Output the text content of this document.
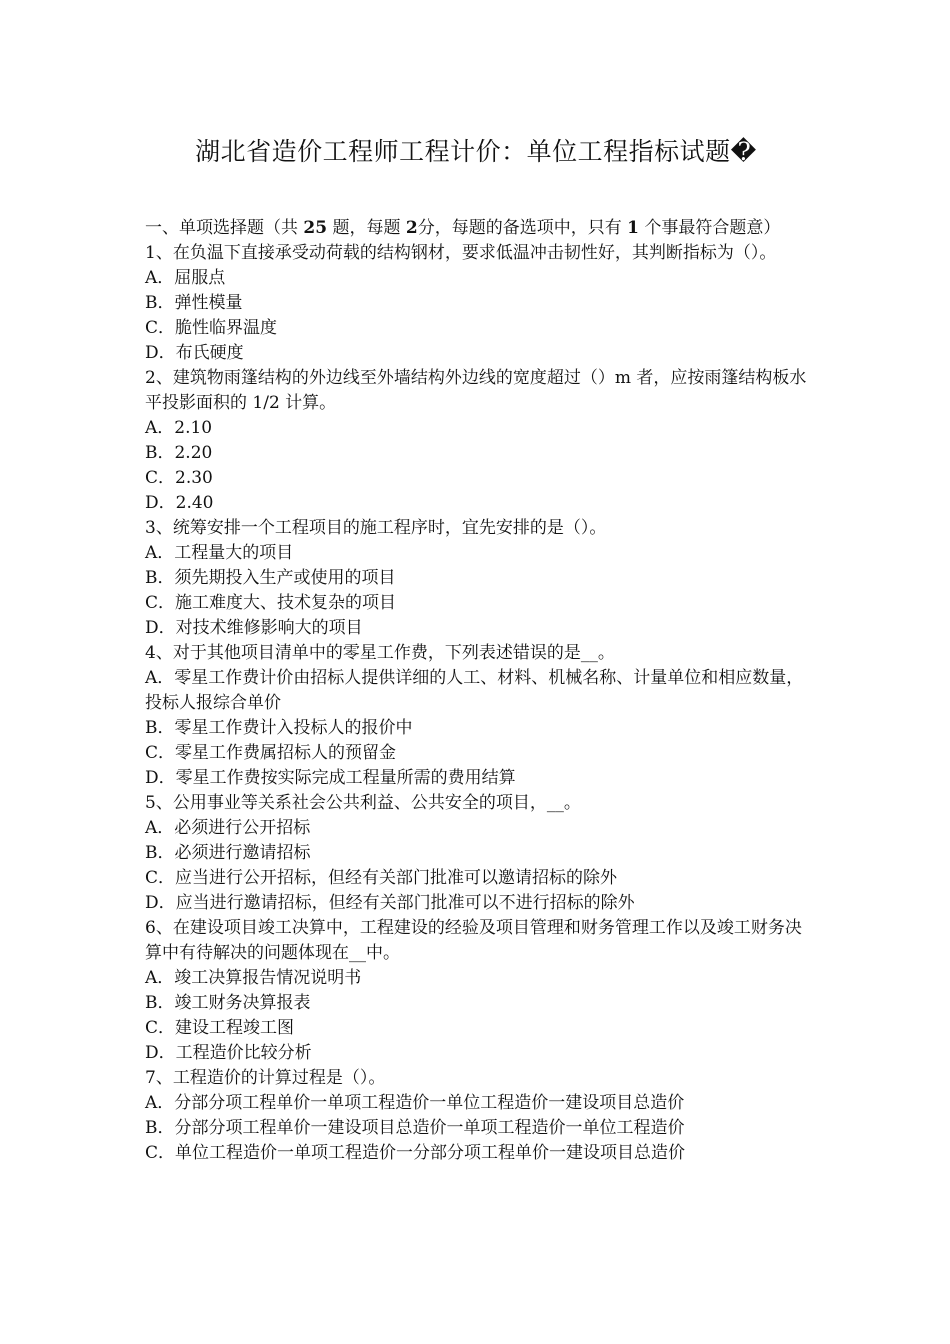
湖北省造价工程师工程计价：单位工程指标试题�

一、单项选择题（共 25 题，每题 2分，每题的备选项中，只有 1 个事最符合题意）

1、在负温下直接承受动荷载的结构钢材，要求低温冲击韧性好，其判断指标为（）。

A．屈服点

B．弹性模量

C．脆性临界温度

D．布氏硬度

2、建筑物雨篷结构的外边线至外墙结构外边线的宽度超过（）m 者，应按雨篷结构板水平投影面积的 1/2 计算。

A．2.10

B．2.20

C．2.30

D．2.40

3、统筹安排一个工程项目的施工程序时，宜先安排的是（）。

A．工程量大的项目

B．须先期投入生产或使用的项目

C．施工难度大、技术复杂的项目

D．对技术维修影响大的项目

4、对于其他项目清单中的零星工作费，下列表述错误的是__。

A．零星工作费计价由招标人提供详细的人工、材料、机械名称、计量单位和相应数量，投标人报综合单价

B．零星工作费计入投标人的报价中

C．零星工作费属招标人的预留金

D．零星工作费按实际完成工程量所需的费用结算

5、公用事业等关系社会公共利益、公共安全的项目，__。

A．必须进行公开招标

B．必须进行邀请招标

C．应当进行公开招标，但经有关部门批准可以邀请招标的除外

D．应当进行邀请招标，但经有关部门批准可以不进行招标的除外

6、在建设项目竣工决算中，工程建设的经验及项目管理和财务管理工作以及竣工财务决算中有待解决的问题体现在__中。

A．竣工决算报告情况说明书

B．竣工财务决算报表

C．建设工程竣工图

D．工程造价比较分析

7、工程造价的计算过程是（）。

A．分部分项工程单价一单项工程造价一单位工程造价一建设项目总造价

B．分部分项工程单价一建设项目总造价一单项工程造价一单位工程造价

C．单位工程造价一单项工程造价一分部分项工程单价一建设项目总造价
